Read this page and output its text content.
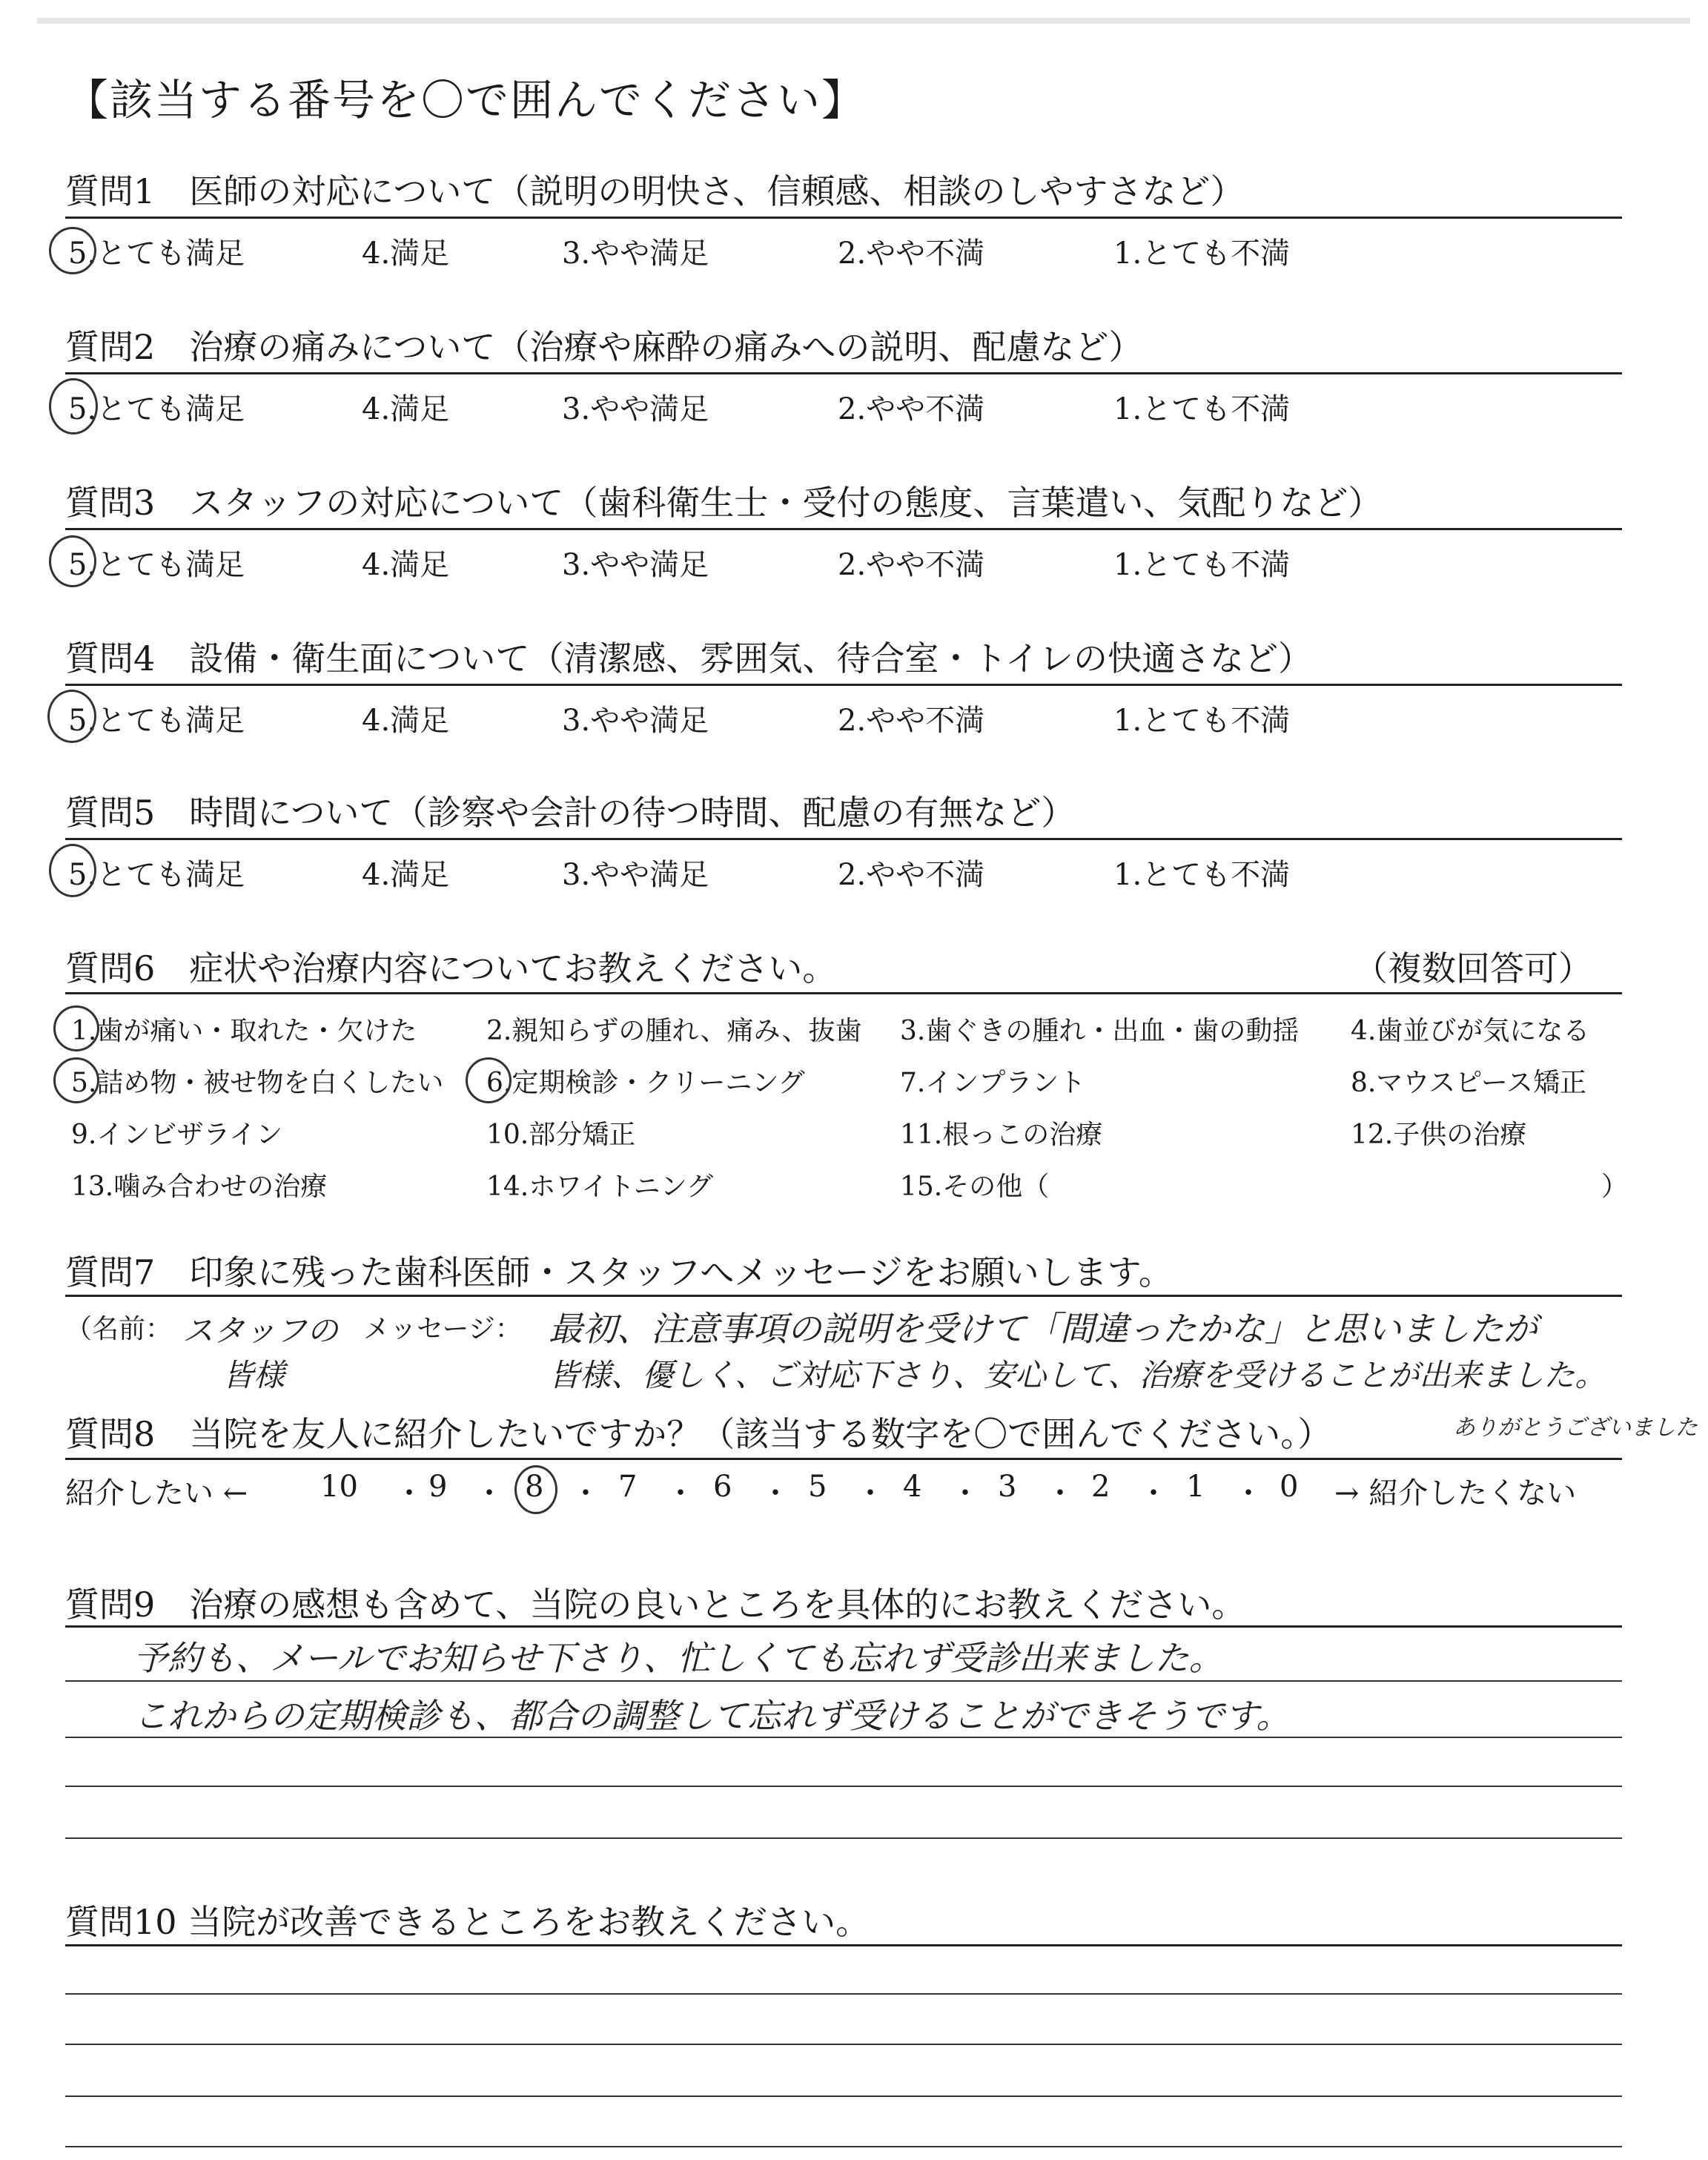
【該当する番号を〇で囲んでください】
質問1　医師の対応について（説明の明快さ、信頼感、相談のしやすさなど）
5.とても満足	4.満足	3.やや満足	2.やや不満	1.とても不満
質問2　治療の痛みについて（治療や麻酔の痛みへの説明、配慮など）
5.とても満足	4.満足	3.やや満足	2.やや不満	1.とても不満
質問3　スタッフの対応について（歯科衛生士・受付の態度、言葉遣い、気配りなど）
5.とても満足	4.満足	3.やや満足	2.やや不満	1.とても不満
質問4　設備・衛生面について（清潔感、雰囲気、待合室・トイレの快適さなど）
5.とても満足	4.満足	3.やや満足	2.やや不満	1.とても不満
質問5　時間について（診察や会計の待つ時間、配慮の有無など）
5.とても満足	4.満足	3.やや満足	2.やや不満	1.とても不満
質問6　症状や治療内容についてお教えください。	（複数回答可）
1.歯が痛い・取れた・欠けた	2.親知らずの腫れ、痛み、抜歯 3.歯ぐきの腫れ・出血・歯の動揺 4.歯並びが気になる
5.詰め物・被せ物を白くしたい 6.定期検診・クリーニング	7.インプラント	8.マウスピース矯正
9.インビザライン	10.部分矯正	11.根っこの治療	12.子供の治療
13.噛み合わせの治療	14.ホワイトニング	15.その他（	）
質問7　印象に残った歯科医師・スタッフへメッセージをお願いします。
（名前： スタッフの
皆様
メッセージ： 最初、注意事項の説明を受けて「間違ったかな」と思いましたが
皆様、優しく、ご対応下さり、安心して、治療を受けることが出来ました。
質問8　当院を友人に紹介したいですか？（該当する数字を〇で囲んでください。）	ありがとうございました
紹介したい ← 10 ・ 9 ・ 8 ・ 7 ・ 6 ・ 5 ・ 4 ・ 3 ・ 2 ・ 1 ・ 0 → 紹介したくない
質問9　治療の感想も含めて、当院の良いところを具体的にお教えください。
予約も、メールでお知らせ下さり、忙しくても忘れず受診出来ました。
これからの定期検診も、都合の調整して忘れず受けることができそうです。
質問10 当院が改善できるところをお教えください。
